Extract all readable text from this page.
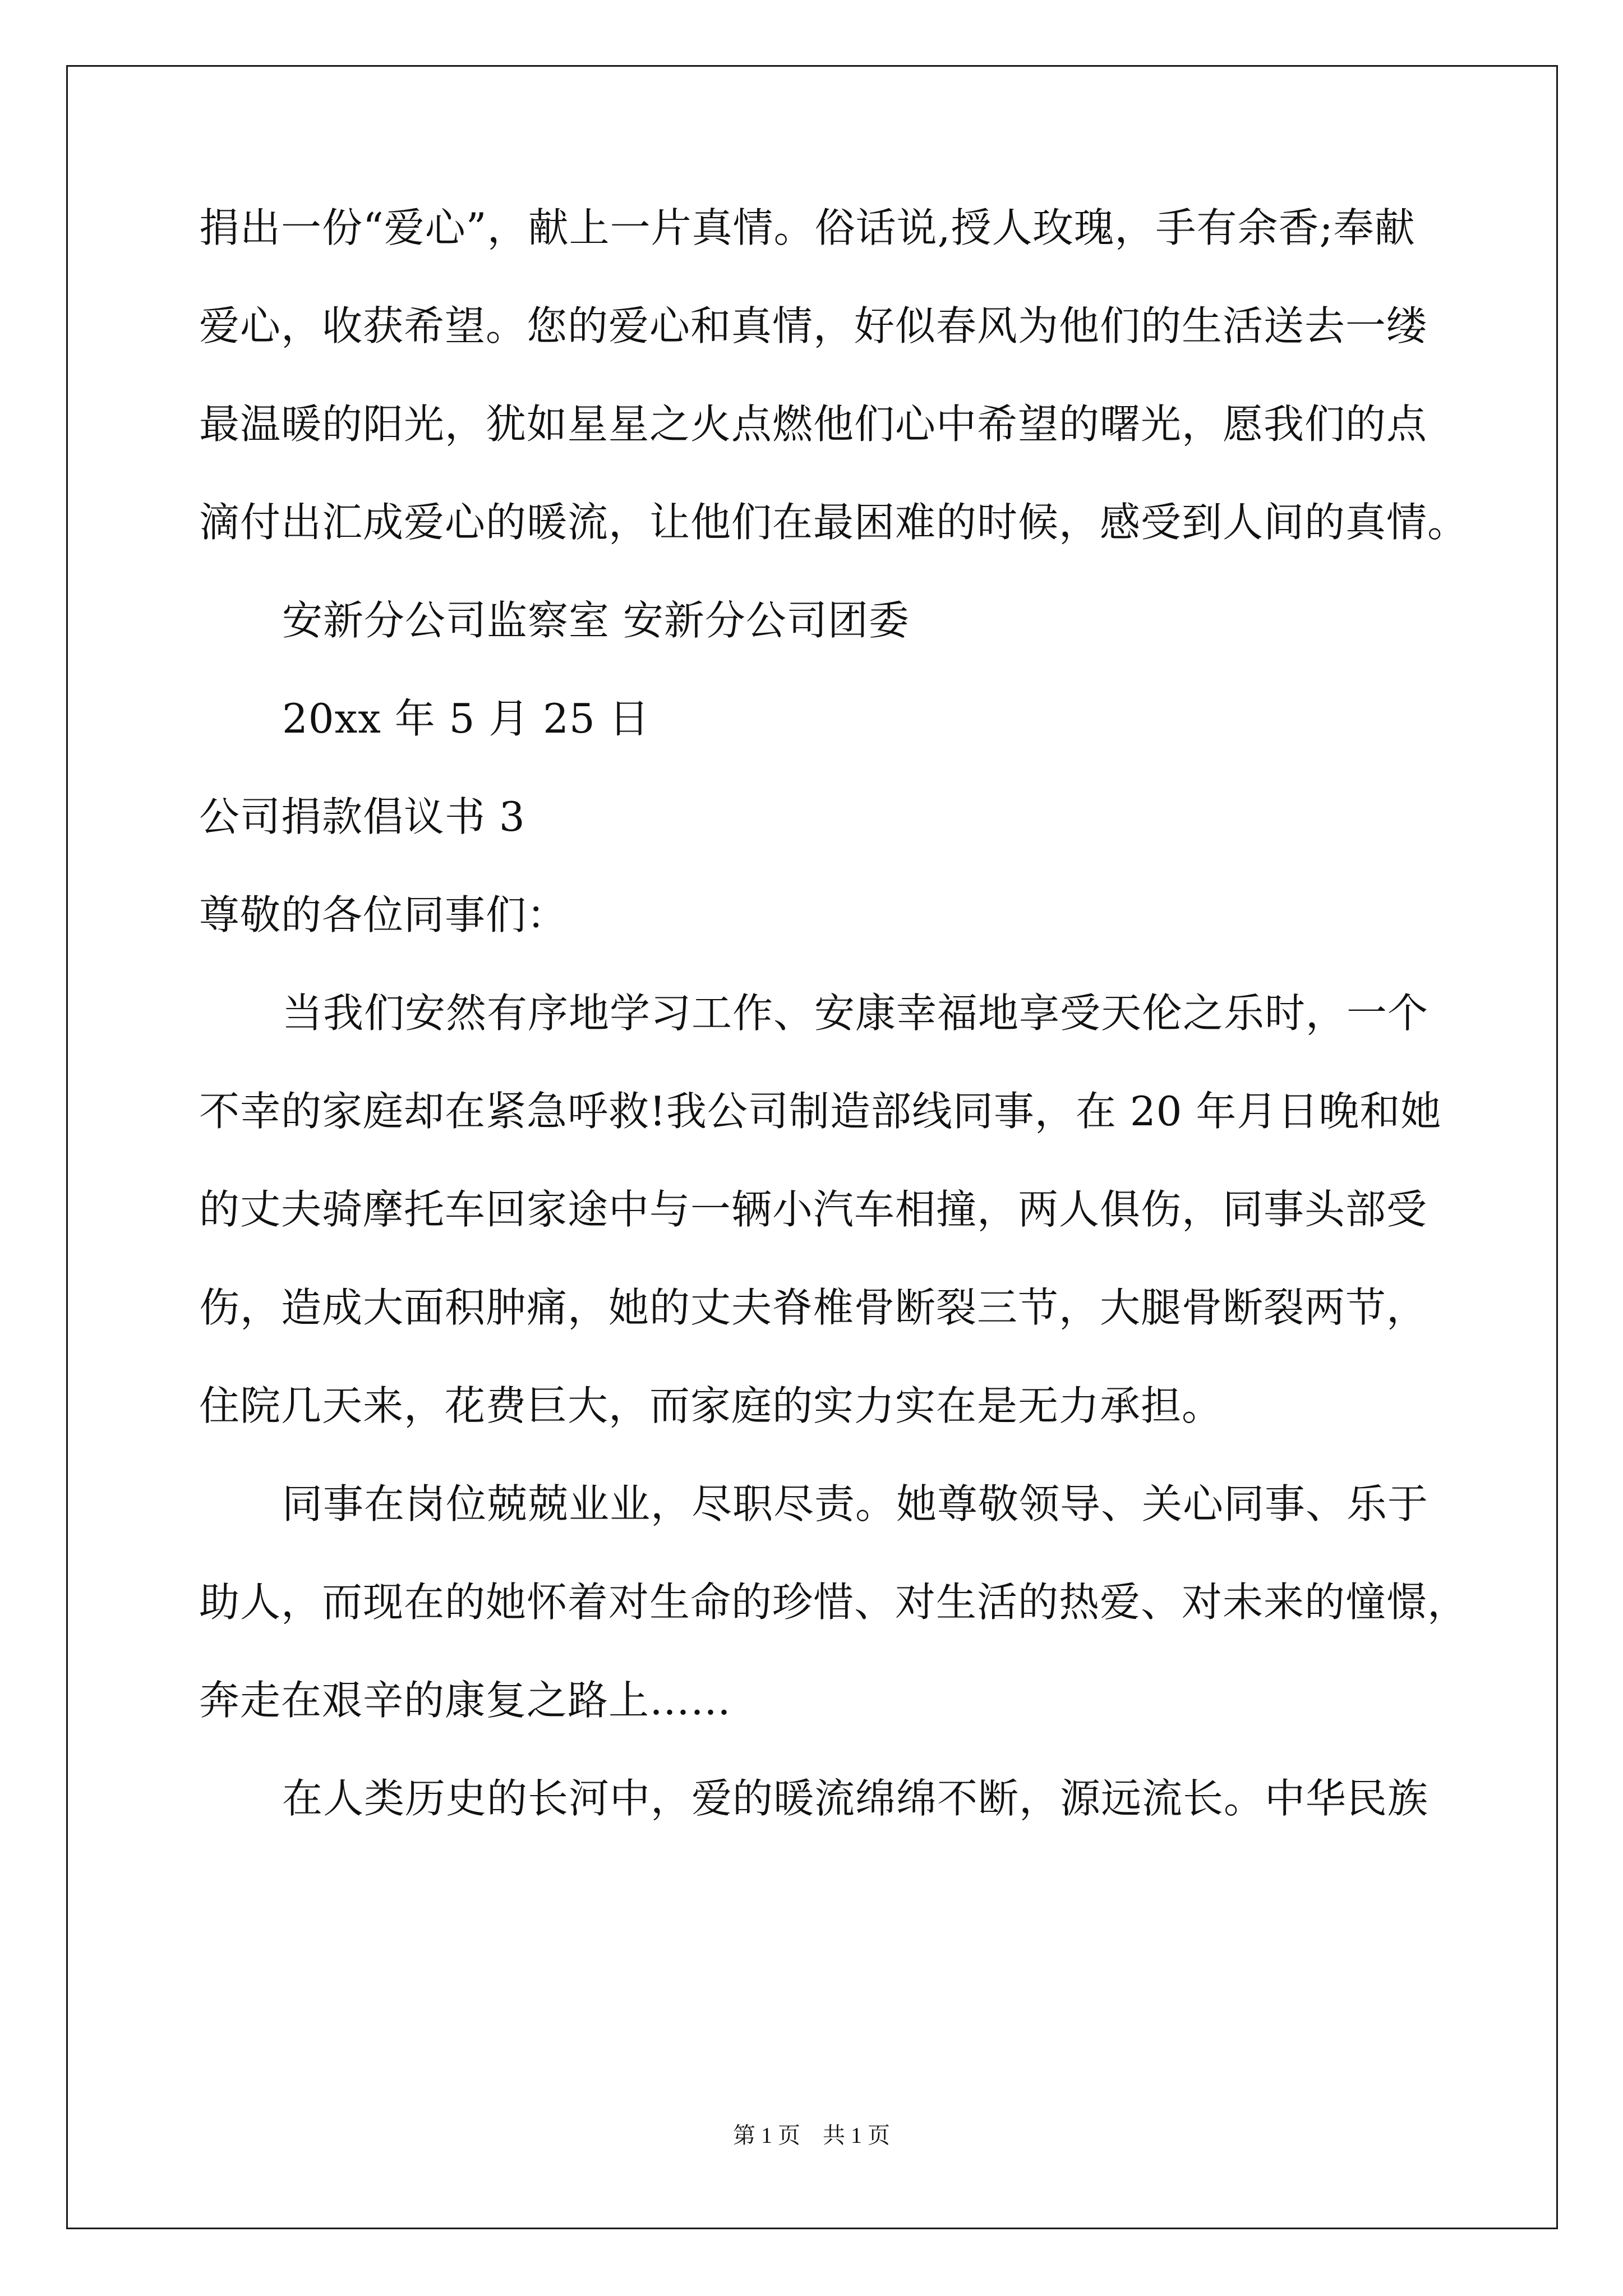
捐出一份“爱心”，献上一片真情。俗话说,授人玫瑰，手有余香;奉献
爱心，收获希望。您的爱心和真情，好似春风为他们的生活送去一缕
最温暖的阳光，犹如星星之火点燃他们心中希望的曙光，愿我们的点
滴付出汇成爱心的暖流，让他们在最困难的时候，感受到人间的真情。
安新分公司监察室 安新分公司团委
20xx 年 5 月 25 日
公司捐款倡议书 3
尊敬的各位同事们：
当我们安然有序地学习工作、安康幸福地享受天伦之乐时，一个
不幸的家庭却在紧急呼救!我公司制造部线同事，在 20 年月日晚和她
的丈夫骑摩托车回家途中与一辆小汽车相撞，两人俱伤，同事头部受
伤，造成大面积肿痛，她的丈夫脊椎骨断裂三节，大腿骨断裂两节，
住院几天来，花费巨大，而家庭的实力实在是无力承担。
同事在岗位兢兢业业，尽职尽责。她尊敬领导、关心同事、乐于
助人，而现在的她怀着对生命的珍惜、对生活的热爱、对未来的憧憬，
奔走在艰辛的康复之路上……
在人类历史的长河中，爱的暖流绵绵不断，源远流长。中华民族
第 1 页　共 1 页
